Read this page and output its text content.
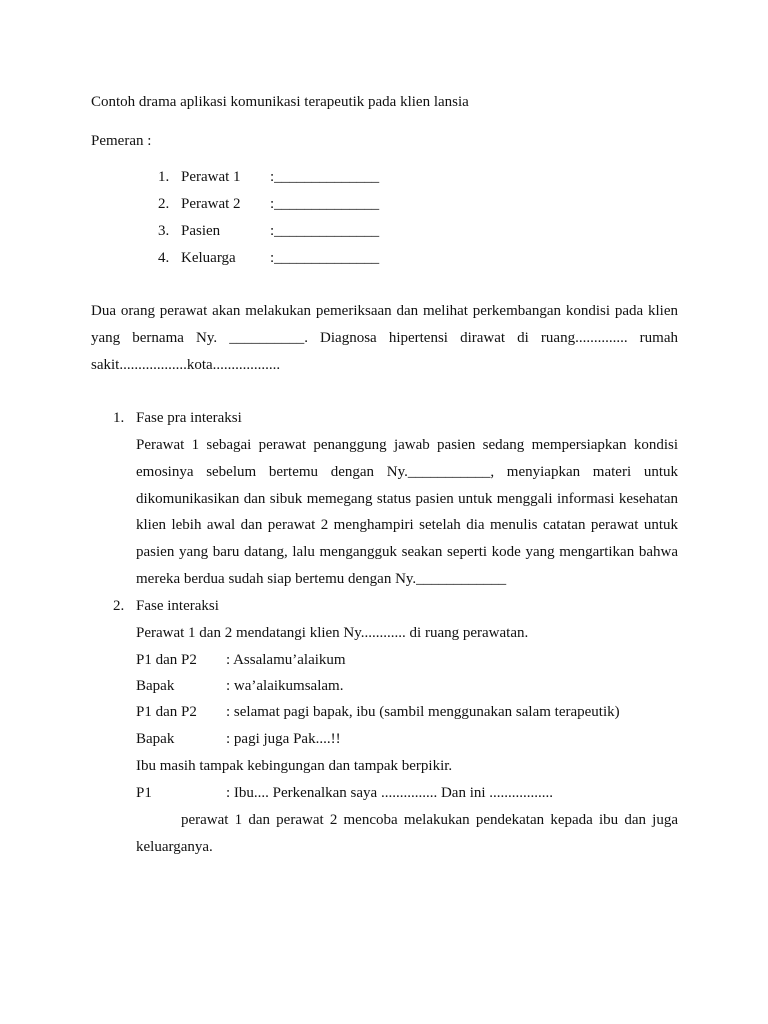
Contoh drama aplikasi komunikasi terapeutik pada klien lansia
Pemeran :
1. Perawat 1 :______________
2. Perawat 2 :______________
3. Pasien	:______________
4. Keluarga :______________
Dua orang perawat akan melakukan pemeriksaan dan melihat perkembangan kondisi pada klien
yang bernama Ny. __________. Diagnosa hipertensi dirawat di ruang.............. rumah
sakit..................kota..................
1. Fase pra interaksi
Perawat 1 sebagai perawat penanggung jawab pasien sedang mempersiapkan kondisi
emosinya sebelum bertemu dengan Ny.___________, menyiapkan materi untuk
dikomunikasikan dan sibuk memegang status pasien untuk menggali informasi kesehatan
klien lebih awal dan perawat 2 menghampiri setelah dia menulis catatan perawat untuk
pasien yang baru datang, lalu mengangguk seakan seperti kode yang mengartikan bahwa
mereka berdua sudah siap bertemu dengan Ny.____________
2. Fase interaksi
Perawat 1 dan 2 mendatangi klien Ny............ di ruang perawatan.
P1 dan P2 : Assalamu’alaikum
Bapak	: wa’alaikumsalam.
P1 dan P2 : selamat pagi bapak, ibu (sambil menggunakan salam terapeutik)
Bapak	: pagi juga Pak....!!
Ibu masih tampak kebingungan dan tampak berpikir.
P1	: Ibu.... Perkenalkan saya ............... Dan ini .................
perawat 1 dan perawat 2 mencoba melakukan pendekatan kepada ibu dan juga
keluarganya.
